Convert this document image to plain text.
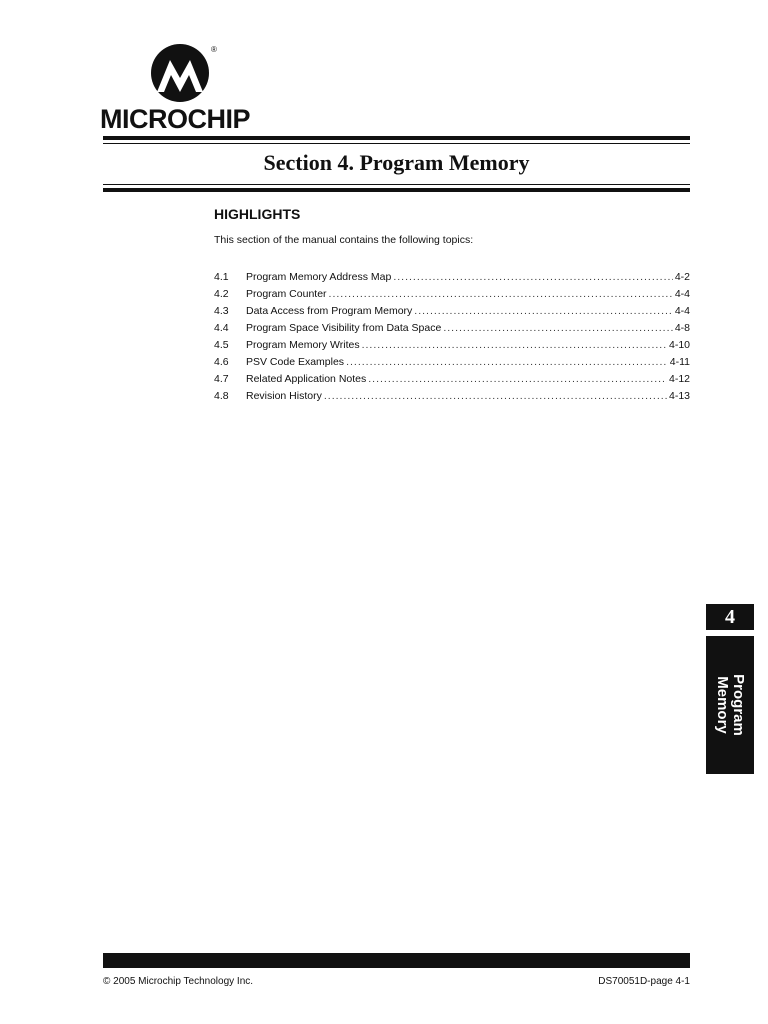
®
MICROCHIP
Section 4. Program Memory
HIGHLIGHTS
This section of the manual contains the following topics:
4.1	Program Memory Address Map .....	4-2
4.2	Program Counter .....	4-4
4.3	Data Access from Program Memory .....	4-4
4.4	Program Space Visibility from Data Space .....	4-8
4.5	Program Memory Writes .....	4-10
4.6	PSV Code Examples .....	4-11
4.7	Related Application Notes .....	4-12
4.8	Revision History .....	4-13
4
Program
Memory
© 2005 Microchip Technology Inc.	DS70051D-page 4-1
